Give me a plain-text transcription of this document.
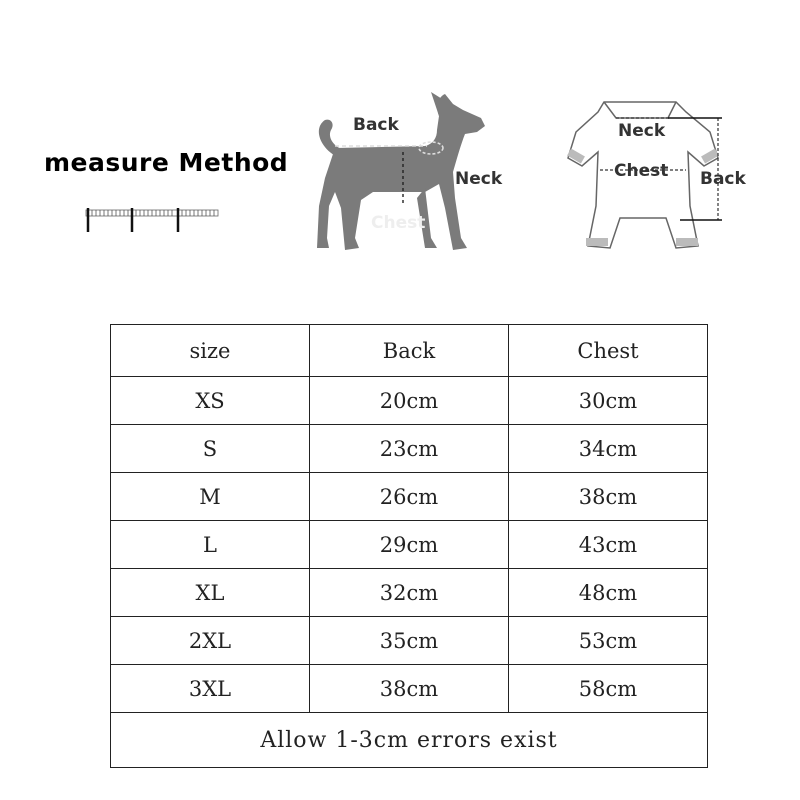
measure Method
Back
Neck
Chest
Neck
Chest Back
size	Back	Chest
XS	20cm	30cm
S	23cm	34cm
M	26cm	38cm
L	29cm	43cm
XL	32cm	48cm
2XL	35cm	53cm
3XL	38cm	58cm
Allow 1-3cm errors exist		
